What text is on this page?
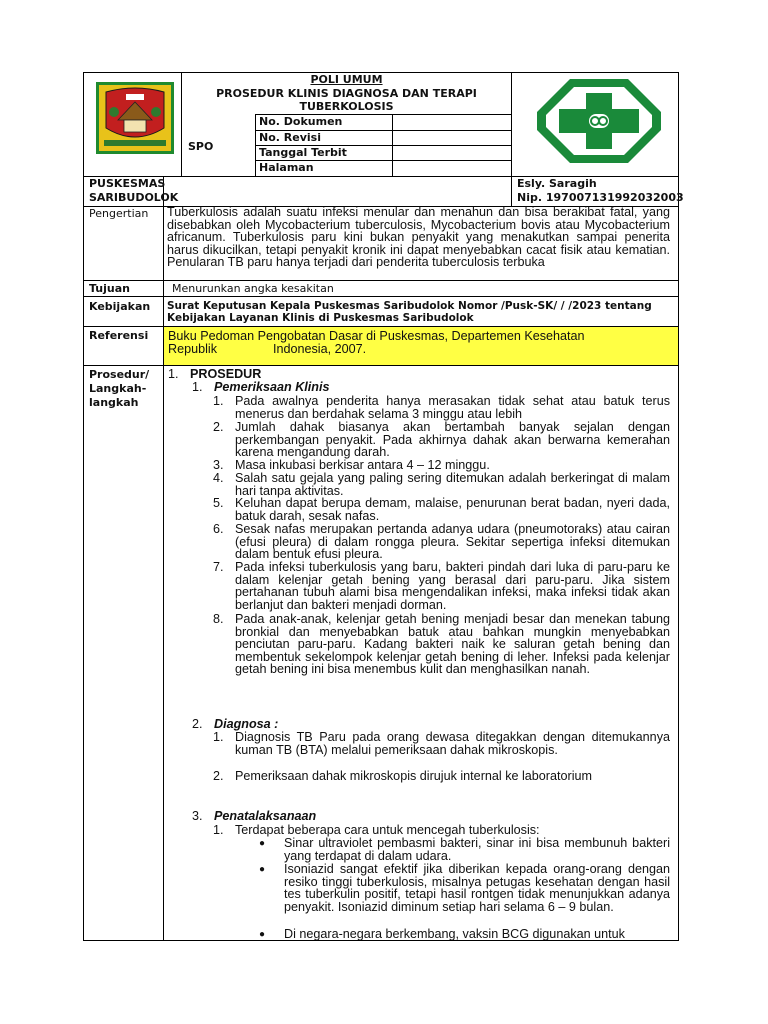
POLI UMUM
PROSEDUR KLINIS DIAGNOSA DAN TERAPI
TUBERKOLOSIS
SPO
No. Dokumen
No. Revisi
Tanggal Terbit
Halaman
PUSKESMAS
SARIBUDOLOK
Esly. Saragih
Nip. 197007131992032003
Pengertian Tuberkulosis adalah suatu infeksi menular dan menahun dan bisa berakibat fatal, yang disebabkan oleh Mycobacterium tuberculosis, Mycobacterium bovis atau Mycobacterium africanum. Tuberkulosis paru kini bukan penyakit yang menakutkan sampai penerita harus dikucilkan, tetapi penyakit kronik ini dapat menyebabkan cacat fisik atau kematian. Penularan TB paru hanya terjadi dari penderita tuberculosis terbuka
Tujuan	Menurunkan angka kesakitan
Kebijakan Surat Keputusan Kepala Puskesmas Saribudolok Nomor /Pusk-SK/ / /2023 tentang
Kebijakan Layanan Klinis di Puskesmas Saribudolok
Referensi Buku Pedoman Pengobatan Dasar di Puskesmas, Departemen Kesehatan
Republik                Indonesia, 2007.
Prosedur/
Langkah-
langkah
1. PROSEDUR
1. Pemeriksaan Klinis
1. Pada awalnya penderita hanya merasakan tidak sehat atau batuk terus menerus dan berdahak selama 3 minggu atau lebih
2. Jumlah dahak biasanya akan bertambah banyak sejalan dengan perkembangan penyakit. Pada akhirnya dahak akan berwarna kemerahan karena mengandung darah.
3. Masa inkubasi berkisar antara 4 – 12 minggu.
4. Salah satu gejala yang paling sering ditemukan adalah berkeringat di malam hari tanpa aktivitas.
5. Keluhan dapat berupa demam, malaise, penurunan berat badan, nyeri dada, batuk darah, sesak nafas.
6. Sesak nafas merupakan pertanda adanya udara (pneumotoraks) atau cairan (efusi pleura) di dalam rongga pleura. Sekitar sepertiga infeksi ditemukan dalam bentuk efusi pleura.
7. Pada infeksi tuberkulosis yang baru, bakteri pindah dari luka di paru-paru ke dalam kelenjar getah bening yang berasal dari paru-paru. Jika sistem pertahanan tubuh alami bisa mengendalikan infeksi, maka infeksi tidak akan berlanjut dan bakteri menjadi dorman.
8. Pada anak-anak, kelenjar getah bening menjadi besar dan menekan tabung bronkial dan menyebabkan batuk atau bahkan mungkin menyebabkan penciutan paru-paru. Kadang bakteri naik ke saluran getah bening dan membentuk sekelompok kelenjar getah bening di leher. Infeksi pada kelenjar getah bening ini bisa menembus kulit dan menghasilkan nanah.
2. Diagnosa :
1. Diagnosis TB Paru pada orang dewasa ditegakkan dengan ditemukannya kuman TB (BTA) melalui pemeriksaan dahak mikroskopis.
2. Pemeriksaan dahak mikroskopis dirujuk internal ke laboratorium
3. Penatalaksanaan
1. Terdapat beberapa cara untuk mencegah tuberkulosis:
● Sinar ultraviolet pembasmi bakteri, sinar ini bisa membunuh bakteri yang terdapat di dalam udara.
● Isoniazid sangat efektif jika diberikan kepada orang-orang dengan resiko tinggi tuberkulosis, misalnya petugas kesehatan dengan hasil tes tuberkulin positif, tetapi hasil rontgen tidak menunjukkan adanya penyakit. Isoniazid diminum setiap hari selama 6 – 9 bulan.
● Di negara-negara berkembang, vaksin BCG digunakan untuk
